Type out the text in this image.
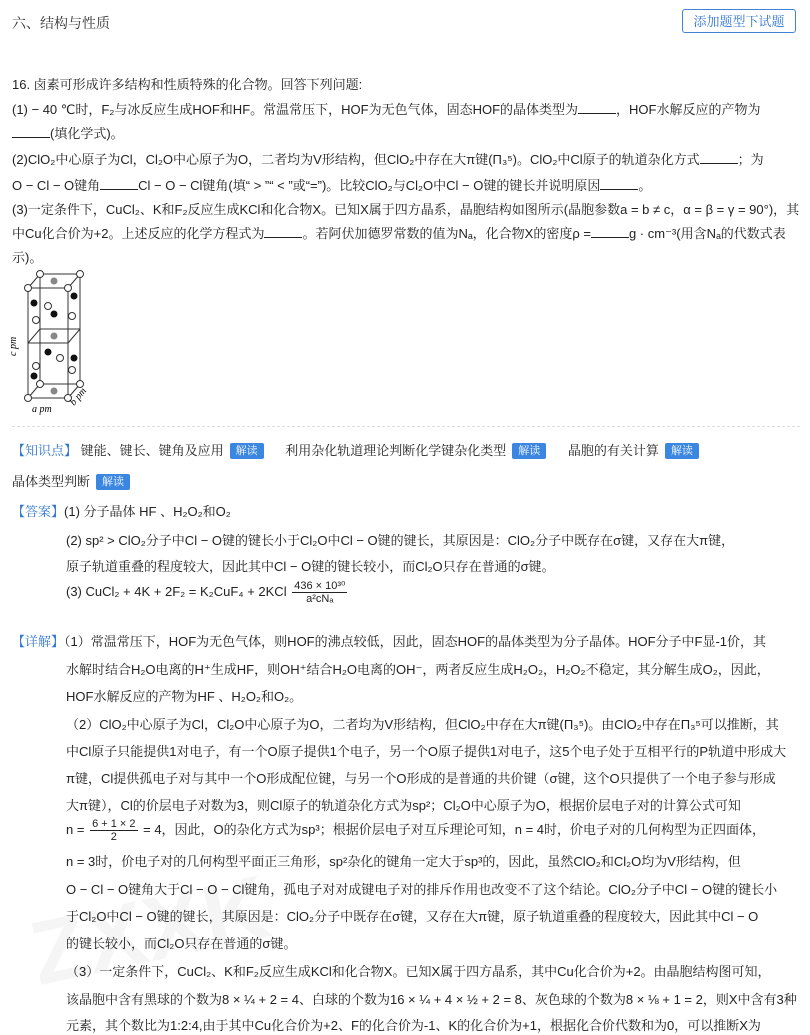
六、结构与性质	添加题型下试题
16. 卤素可形成许多结构和性质特殊的化合物。回答下列问题:
(1) − 40 ℃时，F₂与冰反应生成HOF和HF。常温常压下，HOF为无色气体，固态HOF的晶体类型为	，HOF水解反应的产物为
(填化学式)。
(2)ClO₂中心原子为Cl，Cl₂O中心原子为O，二者均为V形结构，但ClO₂中存在大π键(Π₃⁵)。ClO₂中Cl原子的轨道杂化方式	；为
O − Cl − O键角	Cl − O − Cl键角(填“ > ”“ < ”或“=”)。比较ClO₂与Cl₂O中Cl − O键的键长并说明原因	。
(3)一定条件下，CuCl₂、K和F₂反应生成KCl和化合物X。已知X属于四方晶系，晶胞结构如图所示(晶胞参数a = b ≠ c，α = β = γ = 90°)，其
中Cu化合价为+2。上述反应的化学方程式为	。若阿伏加德罗常数的值为Nₐ，化合物X的密度ρ =	g · cm⁻³(用含Nₐ的代数式表
示)。
c pm
a pm
b pm
【知识点】 键能、键长、键角及应用 解读 利用杂化轨道理论判断化学键杂化类型 解读 晶胞的有关计算 解读
晶体类型判断 解读
【答案】(1) 分子晶体 HF 、H₂O₂和O₂
(2) sp² > ClO₂分子中Cl − O键的键长小于Cl₂O中Cl − O键的键长，其原因是：ClO₂分子中既存在σ键，又存在大π键，
原子轨道重叠的程度较大，因此其中Cl − O键的键长较小，而Cl₂O只存在普通的σ键。
(3) CuCl₂ + $4K + 2F_2 = K_2CuF_4 + 2KCl \frac{\text{436 × 10³⁰}}{\text{a²cNₐ}}$
【详解】（1）常温常压下，HOF为无色气体，则HOF的沸点较低，因此，固态HOF的晶体类型为分子晶体。HOF分子中F显-1价，其
水解时结合H₂O电离的H⁺生成HF，则OH⁺结合H₂O电离的OH⁻，两者反应生成H₂O₂，H₂O₂不稳定，其分解生成O₂，因此，
HOF水解反应的产物为HF 、H₂O₂和O₂。
（2）ClO₂中心原子为Cl，Cl₂O中心原子为O，二者均为V形结构，但ClO₂中存在大π键(Π₃⁵)。由ClO₂中存在Π₃⁵可以推断，其
中Cl原子只能提供1对电子，有一个O原子提供1个电子，另一个O原子提供1对电子，这5个电子处于互相平行的P轨道中形成大
π键，Cl提供孤电子对与其中一个O形成配位键，与另一个O形成的是普通的共价键（σ键，这个O只提供了一个电子参与形成
大π键），Cl的价层电子对数为3，则Cl原子的轨道杂化方式为sp²；Cl₂O中心原子为O，根据价层电子对的计算公式可知
$n = \frac{6 + 1 \times 2}{2} = 4$，因此，O的杂化方式为sp³；根据价层电子对互斥理论可知，n = 4时，价电子对的几何构型为正四面体，
n = 3时，价电子对的几何构型平面正三角形，sp²杂化的键角一定大于sp³的，因此，虽然ClO₂和Cl₂O均为V形结构，但
O − Cl − O键角大于Cl − O − Cl键角，孤电子对对成键电子对的排斥作用也改变不了这个结论。ClO₂分子中Cl − O键的键长小
于Cl₂O中Cl − O键的键长，其原因是：ClO₂分子中既存在σ键，又存在大π键，原子轨道重叠的程度较大，因此其中Cl − O
的键长较小，而Cl₂O只存在普通的σ键。
（3）一定条件下，CuCl₂、K和F₂反应生成KCl和化合物X。已知X属于四方晶系，其中Cu化合价为+2。由晶胞结构图可知，
该晶胞中含有黑球的个数为8 × ¼ + 2 = 4、白球的个数为16 × ¼ + 4 × ½ + 2 = 8、灰色球的个数为8 × ⅛ + 1 = 2，则X中含有3种
元素，其个数比为1:2:4,由于其中Cu化合价为+2、F的化合价为-1、K的化合价为+1，根据化合价代数和为0，可以推断X为
